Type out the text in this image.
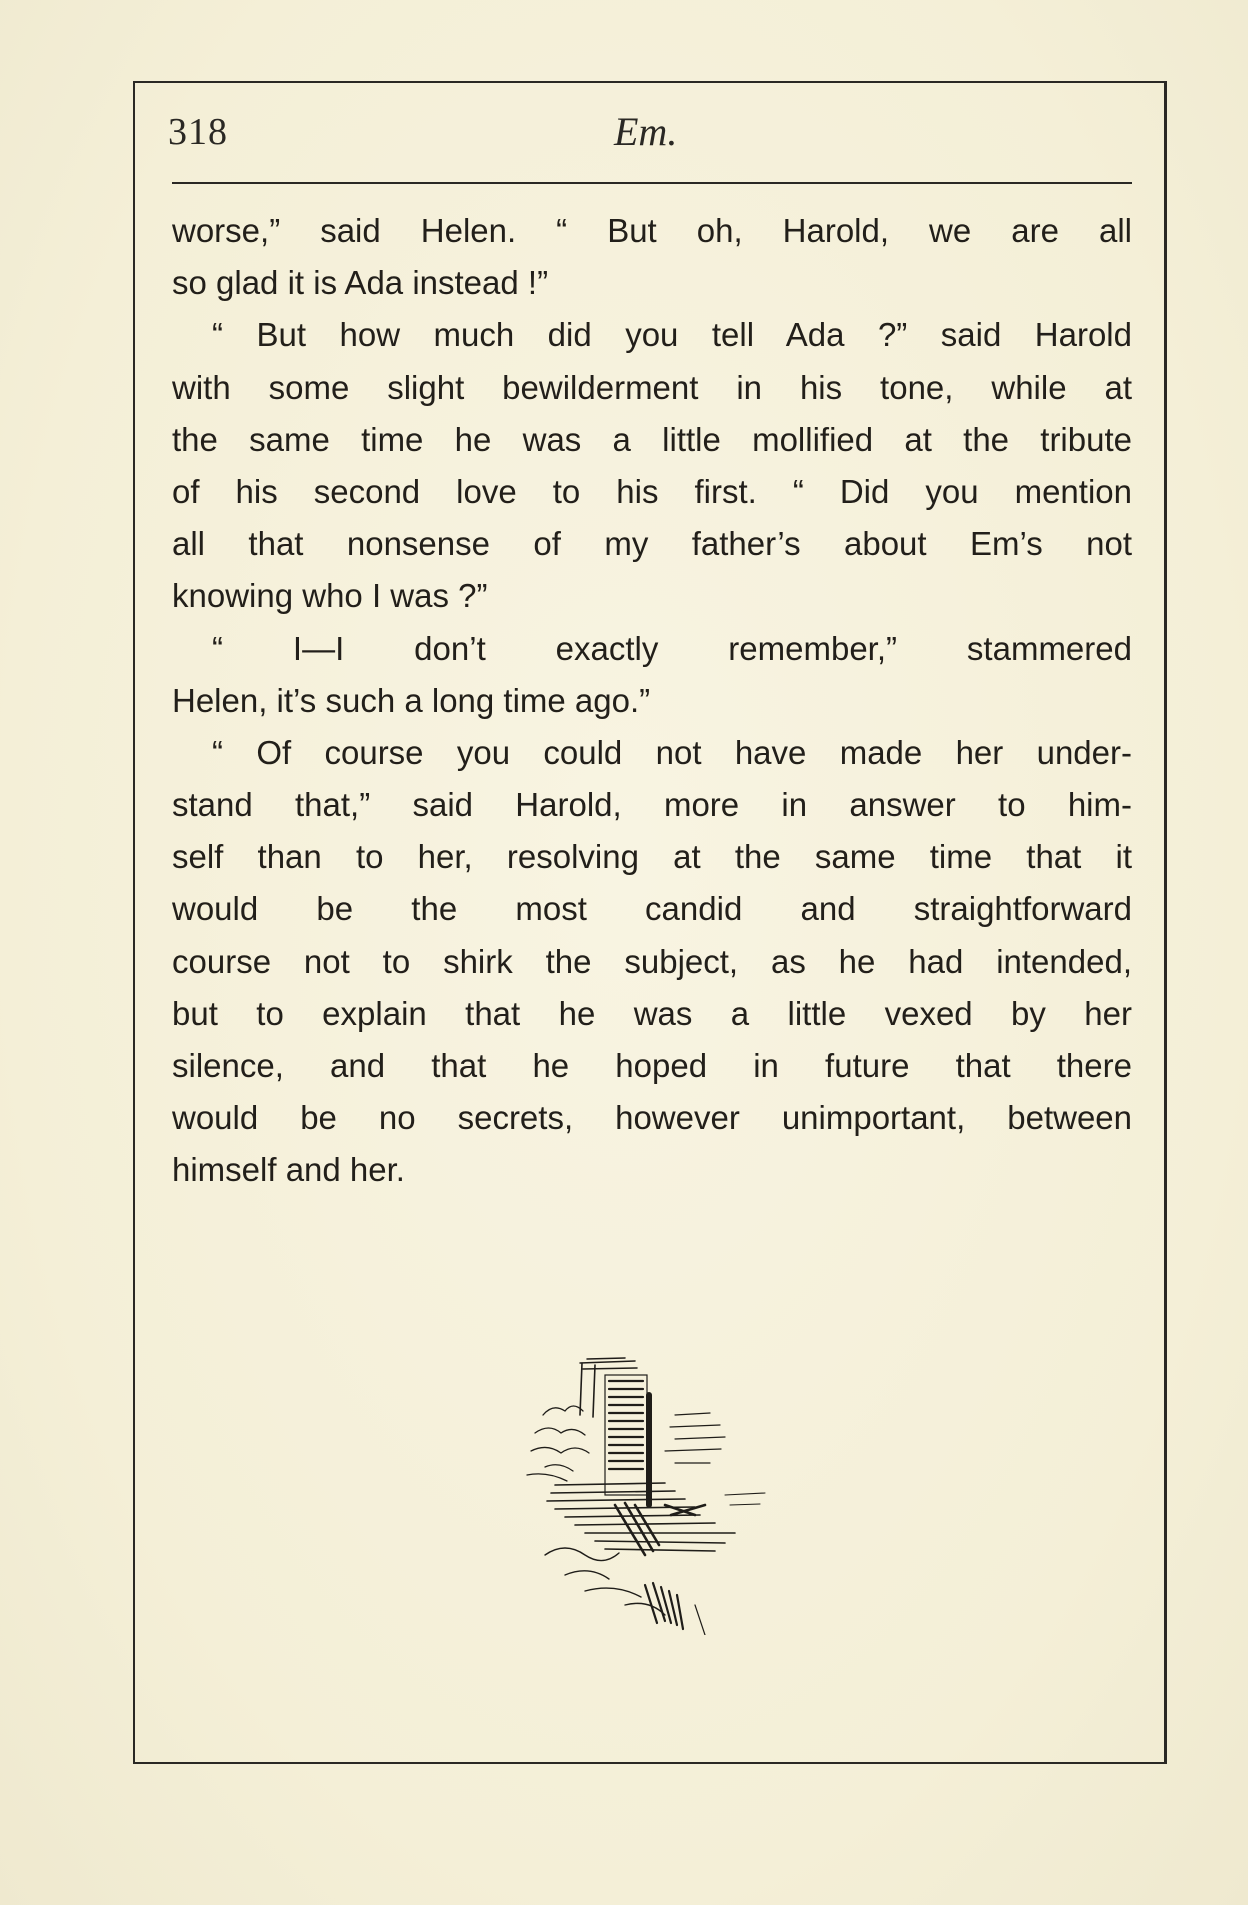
318	Em.
worse,” said Helen. “ But oh, Harold, we are all
so glad it is Ada instead !”
“ But how much did you tell Ada ?” said Harold
with some slight bewilderment in his tone, while at
the same time he was a little mollified at the tribute
of his second love to his first. “ Did you mention
all that nonsense of my father’s about Em’s not
knowing who I was ?”
“ I—I don’t exactly remember,” stammered
Helen, it’s such a long time ago.”
“ Of course you could not have made her under-
stand that,” said Harold, more in answer to him-
self than to her, resolving at the same time that it
would be the most candid and straightforward
course not to shirk the subject, as he had intended,
but to explain that he was a little vexed by her
silence, and that he hoped in future that there
would be no secrets, however unimportant, between
himself and her.
